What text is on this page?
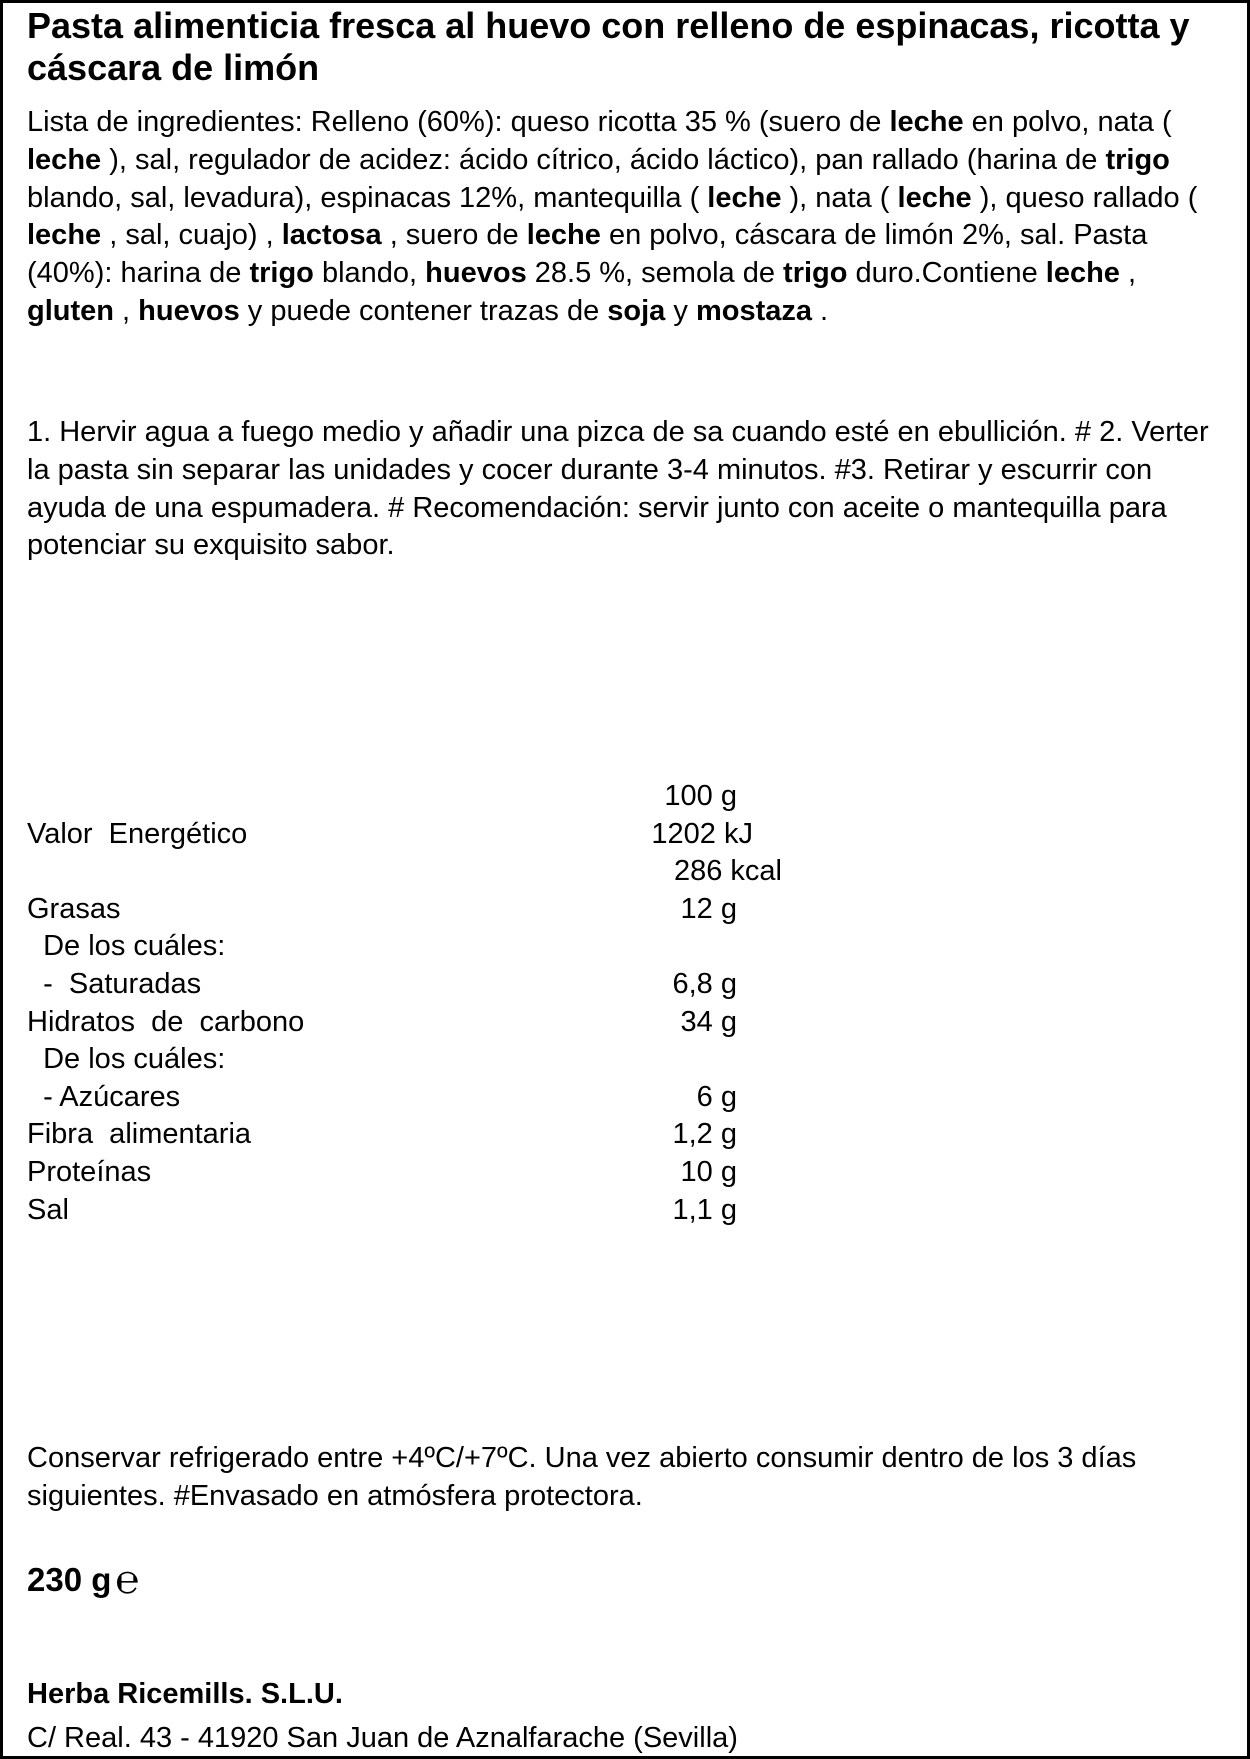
Pasta alimenticia fresca al huevo con relleno de espinacas, ricotta y cáscara de limón
Lista de ingredientes: Relleno (60%): queso ricotta 35 % (suero de leche en polvo, nata ( leche ), sal, regulador de acidez: ácido cítrico, ácido láctico), pan rallado (harina de trigo blando, sal, levadura), espinacas 12%, mantequilla ( leche ), nata ( leche ), queso rallado ( leche , sal, cuajo) , lactosa , suero de leche en polvo, cáscara de limón 2%, sal. Pasta (40%): harina de trigo blando, huevos 28.5 %, semola de trigo duro.Contiene leche , gluten , huevos y puede contener trazas de soja y mostaza .
1. Hervir agua a fuego medio y añadir una pizca de sa cuando esté en ebullición. # 2. Verter la pasta sin separar las unidades y cocer durante 3-4 minutos. #3. Retirar y escurrir con ayuda de una espumadera. # Recomendación: servir junto con aceite o mantequilla para potenciar su exquisito sabor.
100 g
Valor  Energético	1202 kJ
286 kcal
Grasas	12 g
De los cuáles:
-  Saturadas	6,8 g
Hidratos  de  carbono	34 g
De los cuáles:
- Azúcares	6 g
Fibra  alimentaria	1,2 g
Proteínas	10 g
Sal	1,1 g
Conservar refrigerado entre +4ºC/+7ºC. Una vez abierto consumir dentro de los 3 días siguientes. #Envasado en atmósfera protectora.
230 g ℮
Herba Ricemills. S.L.U.
C/ Real. 43 - 41920 San Juan de Aznalfarache (Sevilla)
